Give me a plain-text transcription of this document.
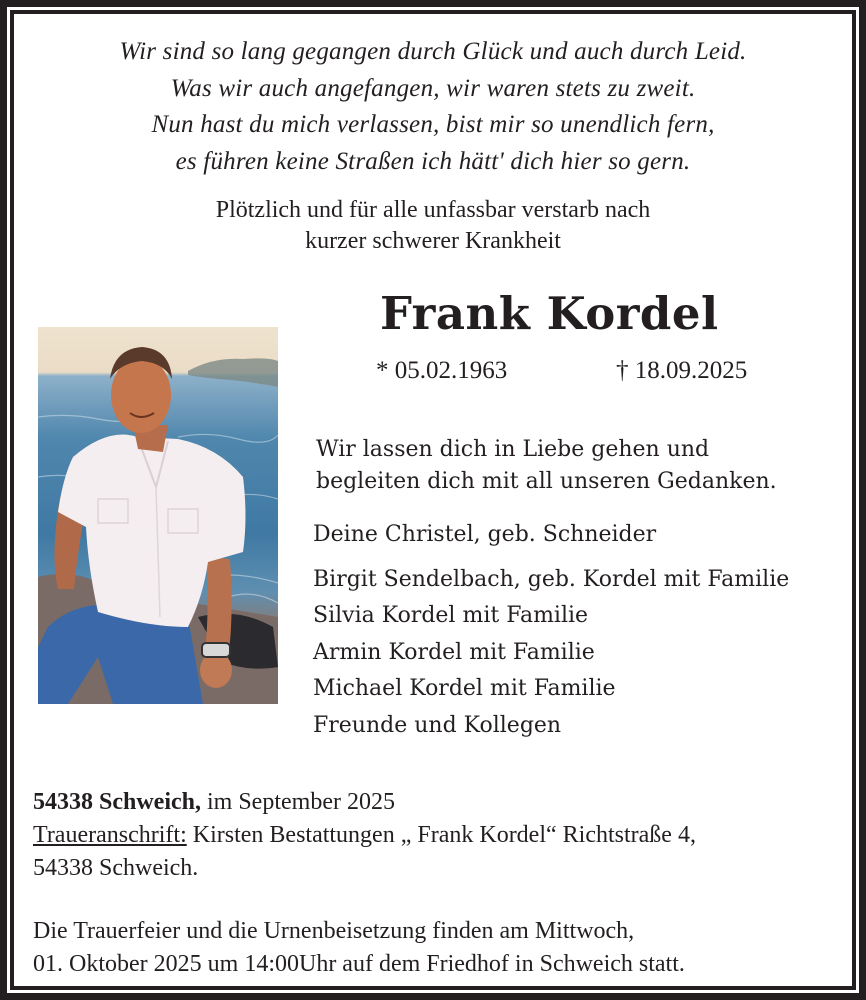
Wir sind so lang gegangen durch Glück und auch durch Leid.
Was wir auch angefangen, wir waren stets zu zweit.
Nun hast du mich verlassen, bist mir so unendlich fern,
es führen keine Straßen ich hätt' dich hier so gern.
Plötzlich und für alle unfassbar verstarb nach
kurzer schwerer Krankheit
Frank Kordel
* 05.02.1963	† 18.09.2025
Wir lassen dich in Liebe gehen und
begleiten dich mit all unseren Gedanken.
Deine Christel, geb. Schneider
Birgit Sendelbach, geb. Kordel mit Familie
Silvia Kordel mit Familie
Armin Kordel mit Familie
Michael Kordel mit Familie
Freunde und Kollegen
54338 Schweich, im September 2025
Traueranschrift: Kirsten Bestattungen „ Frank Kordel“ Richtstraße 4,
54338 Schweich.
Die Trauerfeier und die Urnenbeisetzung finden am Mittwoch,
01. Oktober 2025 um 14:00Uhr auf dem Friedhof in Schweich statt.
